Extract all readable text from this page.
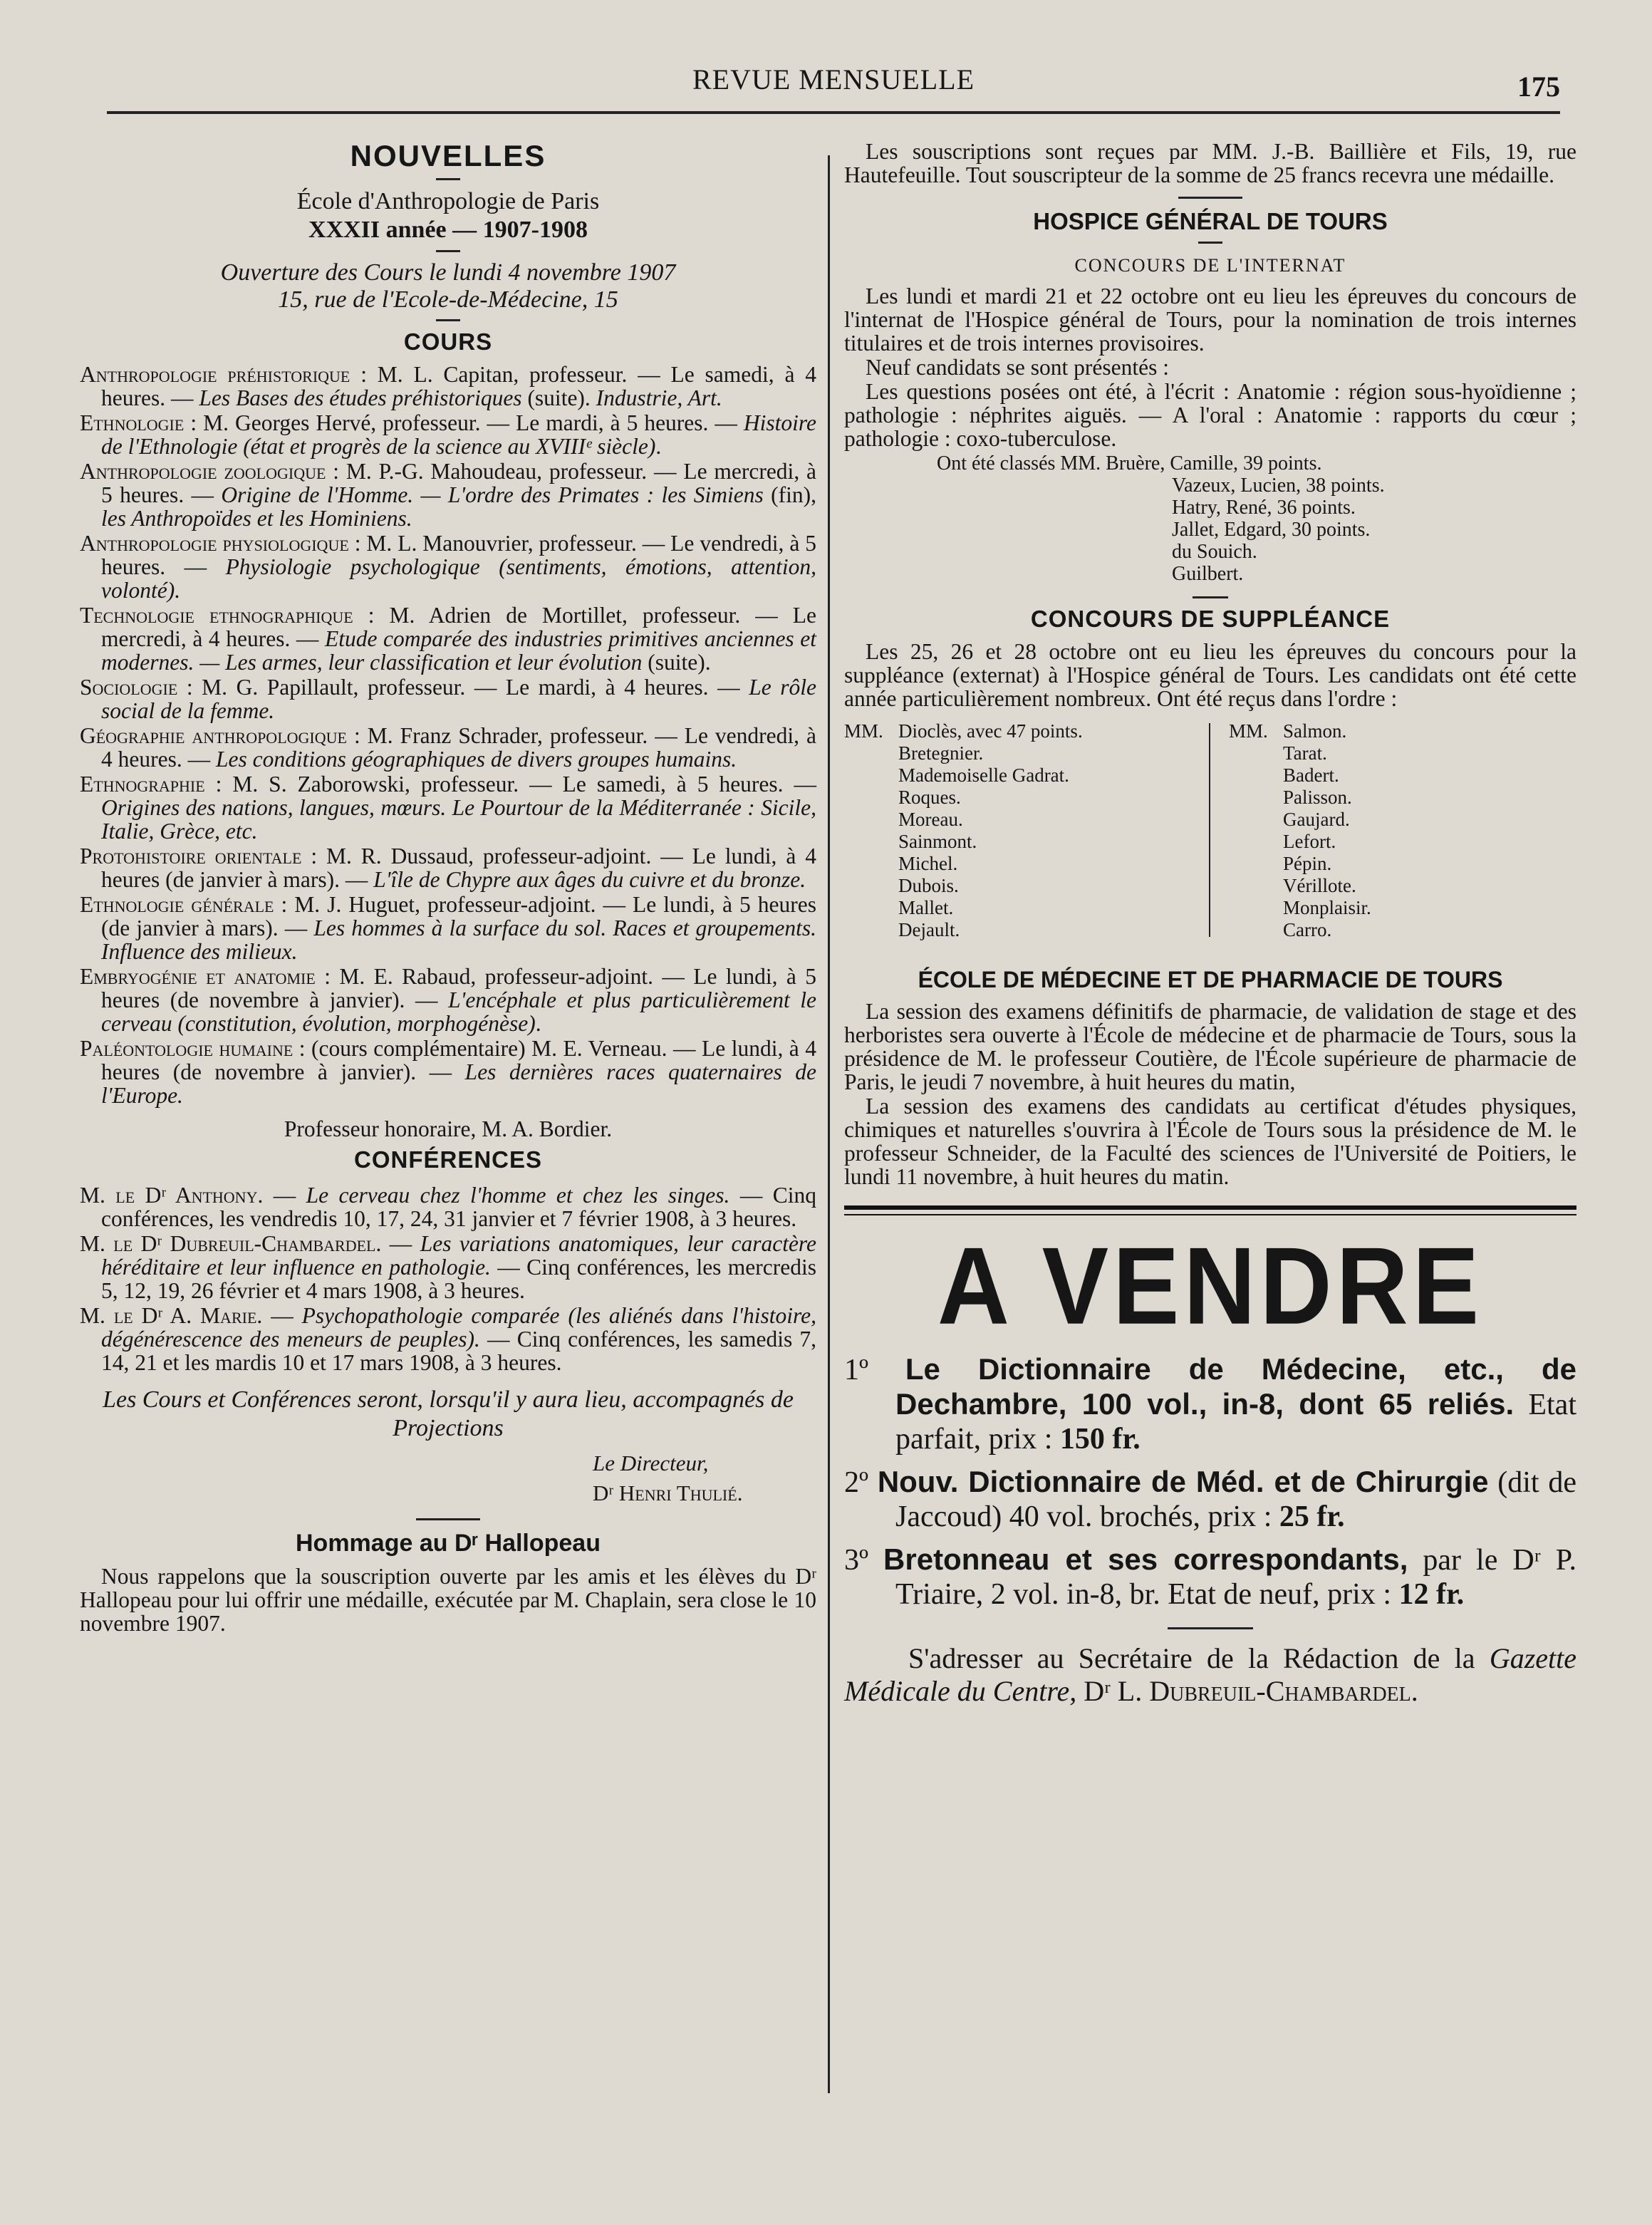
REVUE MENSUELLE	175
NOUVELLES
École d'Anthropologie de Paris
XXXII année — 1907-1908
Ouverture des Cours le lundi 4 novembre 1907
15, rue de l'Ecole-de-Médecine, 15
COURS
Anthropologie préhistorique : M. L. Capitan, professeur. — Le samedi, à 4 heures. — Les Bases des études préhistoriques (suite). Industrie, Art.
Ethnologie : M. Georges Hervé, professeur. — Le mardi, à 5 heures. — Histoire de l'Ethnologie (état et progrès de la science au XVIIIᵉ siècle).
Anthropologie zoologique : M. P.-G. Mahoudeau, professeur. — Le mercredi, à 5 heures. — Origine de l'Homme. — L'ordre des Primates : les Simiens (fin), les Anthropoïdes et les Hominiens.
Anthropologie physiologique : M. L. Manouvrier, professeur. — Le vendredi, à 5 heures. — Physiologie psychologique (sentiments, émotions, attention, volonté).
Technologie ethnographique : M. Adrien de Mortillet, professeur. — Le mercredi, à 4 heures. — Etude comparée des industries primitives anciennes et modernes. — Les armes, leur classification et leur évolution (suite).
Sociologie : M. G. Papillault, professeur. — Le mardi, à 4 heures. — Le rôle social de la femme.
Géographie anthropologique : M. Franz Schrader, professeur. — Le vendredi, à 4 heures. — Les conditions géographiques de divers groupes humains.
Ethnographie : M. S. Zaborowski, professeur. — Le samedi, à 5 heures. — Origines des nations, langues, mœurs. Le Pourtour de la Méditerranée : Sicile, Italie, Grèce, etc.
Protohistoire orientale : M. R. Dussaud, professeur-adjoint. — Le lundi, à 4 heures (de janvier à mars). — L'île de Chypre aux âges du cuivre et du bronze.
Ethnologie générale : M. J. Huguet, professeur-adjoint. — Le lundi, à 5 heures (de janvier à mars). — Les hommes à la surface du sol. Races et groupements. Influence des milieux.
Embryogénie et anatomie : M. E. Rabaud, professeur-adjoint. — Le lundi, à 5 heures (de novembre à janvier). — L'encéphale et plus particulièrement le cerveau (constitution, évolution, morphogénèse).
Paléontologie humaine : (cours complémentaire) M. E. Verneau. — Le lundi, à 4 heures (de novembre à janvier). — Les dernières races quaternaires de l'Europe.
Professeur honoraire, M. A. Bordier.
CONFÉRENCES
M. le Dʳ Anthony. — Le cerveau chez l'homme et chez les singes. — Cinq conférences, les vendredis 10, 17, 24, 31 janvier et 7 février 1908, à 3 heures.
M. le Dʳ Dubreuil-Chambardel. — Les variations anatomiques, leur caractère héréditaire et leur influence en pathologie. — Cinq conférences, les mercredis 5, 12, 19, 26 février et 4 mars 1908, à 3 heures.
M. le Dʳ A. Marie. — Psychopathologie comparée (les aliénés dans l'histoire, dégénérescence des meneurs de peuples). — Cinq conférences, les samedis 7, 14, 21 et les mardis 10 et 17 mars 1908, à 3 heures.
Les Cours et Conférences seront, lorsqu'il y aura lieu, accompagnés de Projections
Le Directeur,
Dʳ Henri Thulié.
Hommage au Dʳ Hallopeau
Nous rappelons que la souscription ouverte par les amis et les élèves du Dʳ Hallopeau pour lui offrir une médaille, exécutée par M. Chaplain, sera close le 10 novembre 1907.
Les souscriptions sont reçues par MM. J.-B. Baillière et Fils, 19, rue Hautefeuille. Tout souscripteur de la somme de 25 francs recevra une médaille.
HOSPICE GÉNÉRAL DE TOURS
CONCOURS DE L'INTERNAT
Les lundi et mardi 21 et 22 octobre ont eu lieu les épreuves du concours de l'internat de l'Hospice général de Tours, pour la nomination de trois internes titulaires et de trois internes provisoires.
Neuf candidats se sont présentés :
Les questions posées ont été, à l'écrit : Anatomie : région sous-hyoïdienne ; pathologie : néphrites aiguës. — A l'oral : Anatomie : rapports du cœur ; pathologie : coxo-tuberculose.
Ont été classés MM. Bruère, Camille, 39 points.
Vazeux, Lucien, 38 points.
Hatry, René, 36 points.
Jallet, Edgard, 30 points.
du Souich.
Guilbert.
CONCOURS DE SUPPLÉANCE
Les 25, 26 et 28 octobre ont eu lieu les épreuves du concours pour la suppléance (externat) à l'Hospice général de Tours. Les candidats ont été cette année particulièrement nombreux. Ont été reçus dans l'ordre :
MM. Dioclès, avec 47 points.
Bretegnier.
Mademoiselle Gadrat.
Roques.
Moreau.
Sainmont.
Michel.
Dubois.
Mallet.
Dejault.
MM. Salmon.
Tarat.
Badert.
Palisson.
Gaujard.
Lefort.
Pépin.
Vérillote.
Monplaisir.
Carro.
ÉCOLE DE MÉDECINE ET DE PHARMACIE DE TOURS
La session des examens définitifs de pharmacie, de validation de stage et des herboristes sera ouverte à l'École de médecine et de pharmacie de Tours, sous la présidence de M. le professeur Coutière, de l'École supérieure de pharmacie de Paris, le jeudi 7 novembre, à huit heures du matin,
La session des examens des candidats au certificat d'études physiques, chimiques et naturelles s'ouvrira à l'École de Tours sous la présidence de M. le professeur Schneider, de la Faculté des sciences de l'Université de Poitiers, le lundi 11 novembre, à huit heures du matin.
A VENDRE
1º Le Dictionnaire de Médecine, etc., de Dechambre, 100 vol., in-8, dont 65 reliés. Etat parfait, prix : 150 fr.
2º Nouv. Dictionnaire de Méd. et de Chirurgie (dit de Jaccoud) 40 vol. brochés, prix : 25 fr.
3º Bretonneau et ses correspondants, par le Dʳ P. Triaire, 2 vol. in-8, br. Etat de neuf, prix : 12 fr.
S'adresser au Secrétaire de la Rédaction de la Gazette Médicale du Centre, Dʳ L. Dubreuil-Chambardel.
